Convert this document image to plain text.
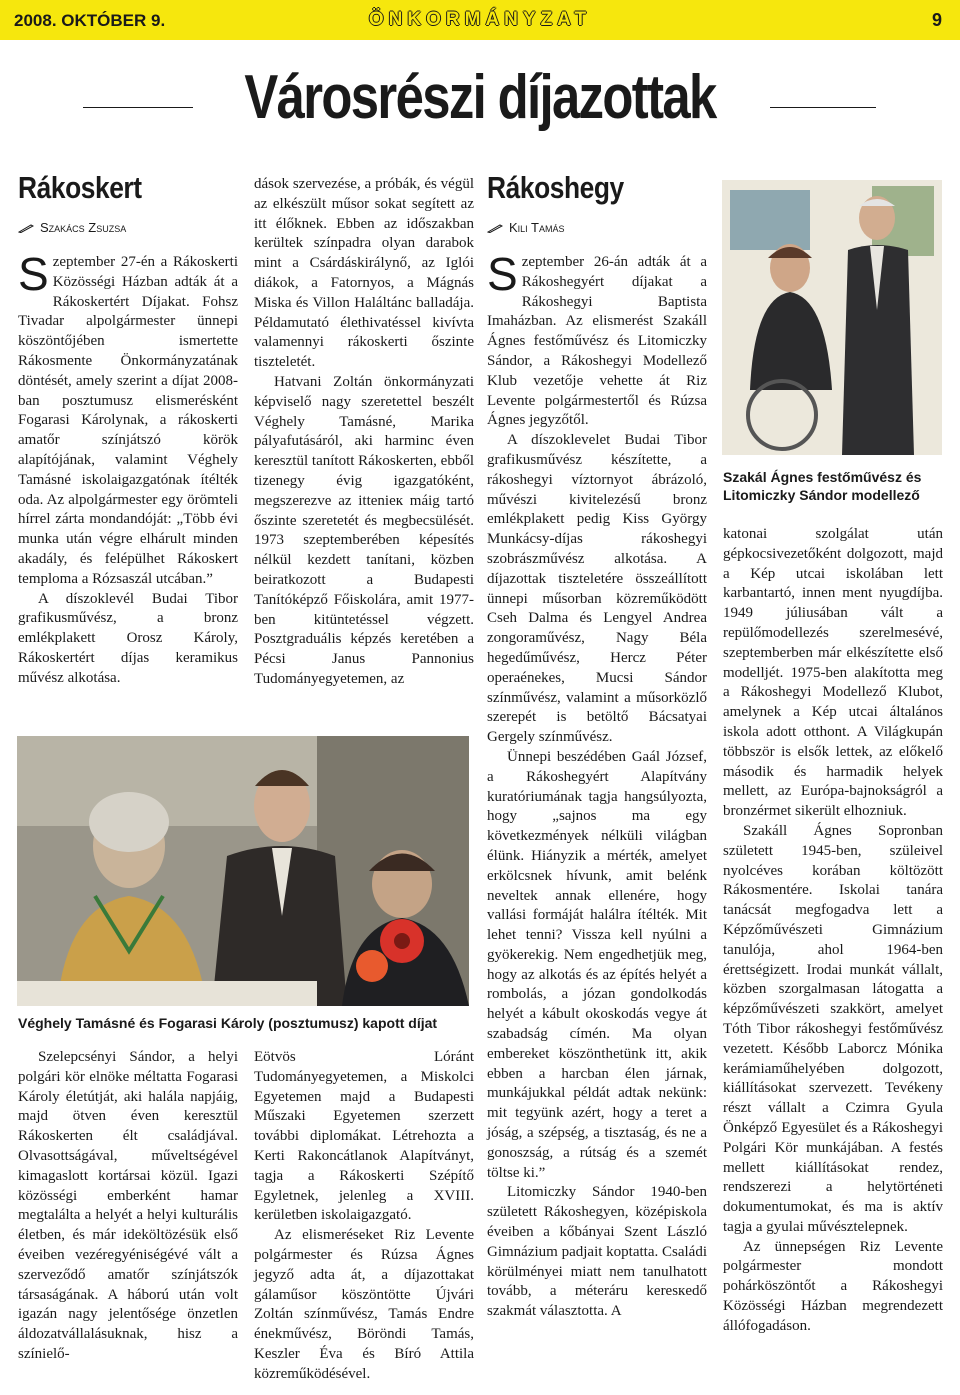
2008. OKTÓBER 9.	ÖNKORMÁNYZAT	9
Városrészi díjazottak
Rákoskert
Szakács Zsuzsa

Szeptember 27-én a Rákoskerti Közösségi Házban adták át a Rákoskertért Díjakat. Fohsz Tivadar alpolgármester ünnepi köszöntőjében ismertette Rákosmente Önkormányzatának döntését, amely szerint a díjat 2008-ban posztumusz elismerésként Fogarasi Károlynak, a rákoskerti amatőr színjátszó körök alapítójának, valamint Véghely Tamásné iskolaigazgatónak ítélték oda. Az alpolgármester egy örömteli hírrel zárta mondandóját: „Több évi munka után végre elhárult minden akadály, és felépülhet Rákoskert temploma a Rózsaszál utcában.”

A díszoklevél Budai Tibor grafikusművész, a bronz emlékplakett Orosz Károly, Rákoskertért díjas keramikus művész alkotása.

dások szervezése, a próbák, és végül az elkészült műsor sokat segített az itt élőknek. Ebben az időszakban kerültek színpadra olyan darabok mint a Csárdáskirálynő, az Iglói diákok, a Fatornyos, a Mágnás Miska és Villon Haláltánc balladája. Példamutató élethivatéssel kivívta valamennyi rákoskerti őszinte tiszteletét.

Hatvani Zoltán önkormányzati képviselő nagy szeretettel beszélt Véghely Tamásné, Marika pályafutásáról, aki harminc éven keresztül tanított Rákoskerten, ebből tizenegy évig igazgatóként, megszerezve az ittenieк máig tartó őszinte szeretetét és megbecsülését. 1973 szeptemberében képesítés nélkül kezdett tanítani, közben beiratkozott a Budapesti Tanítóképző Főiskolára, amit 1977-ben kitüntetéssel végzett. Posztgraduális képzés keretében a Pécsi Janus Pannonius Tudományegyetemen, az

Véghely Tamásné és Fogarasi Károly (posztumusz) kapott díjat

Szelepcsényi Sándor, a helyi polgári kör elnöke méltatta Fogarasi Károly életútját, aki halála napjáig, majd ötven éven keresztül Rákoskerten élt családjával. Olvasottságával, műveltségével kimagaslott kortársai közül. Igazi közösségi emberként hamar megtalálta a helyét a helyi kulturális életben, és már ideköltözésük első éveiben vezéregyéniségévé vált a szerveződő amatőr színjátszók társaságának. A háború után volt igazán nagy jelentősége önzetlen áldozatvállalásuknak, hisz a színielő-

Eötvös Lóránt Tudományegyetemen, a Miskolci Egyetemen majd a Budapesti Műszaki Egyetemen szerzett további diplomákat. Létrehozta a Kerti Rakoncátlanok Alapítványt, tagja a Rákoskerti Szépítő Egyletnek, jelenleg a XVIII. kerületben iskolaigazgató.

Az elismeréseket Riz Levente polgármester és Rúzsa Ágnes jegyző adta át, a díjazottakat gálaműsor köszöntötte Újvári Zoltán színművész, Tamás Endre énekművész, Böröndi Tamás, Keszler Éva és Bíró Attila közreműködésével.

Rákoshegy
Kili Tamás

Szeptember 26-án adták át a Rákoshegyért díjakat a Rákoshegyi Baptista Imaházban. Az elismerést Szakáll Ágnes festőművész és Litomiczky Sándor, a Rákoshegyi Modellező Klub vezetője vehette át Riz Levente polgármestertől és Rúzsa Ágnes jegyzőtől.

A díszoklevelet Budai Tibor grafikusművész készítette, a rákoshegyi víztornyot ábrázoló, művészi kivitelezésű bronz emlékplakett pedig Kiss György Munkácsy-díjas rákoshegyi szobrászművész alkotása. A díjazottak tiszteletére összeállított ünnepi műsorban közreműködött Cseh Dalma és Lengyel Andrea zongoraművész, Nagy Béla hegedűművész, Hercz Péter operaénekes, Mucsi Sándor színművész, valamint a műsorközlő szerepét is betöltő Bácsatyai Gergely színművész.

Ünnepi beszédében Gaál József, a Rákoshegyért Alapítvány kuratóriumának tagja hangsúlyozta, hogy „sajnos ma egy követkеzmények nélküli világban élünk. Hiányzik a mérték, amelyet erkölcsnek hívunk, amit belénk neveltek annak ellenére, hogy vallási formáját halálra ítélték. Mit lehet tenni? Vissza kell nyúlni a gyökerekig. Nem engedhetjük meg, hogy az alkotás és az építés helyét a rombolás, a józan gondolkodás helyét a kábult okoskodás vegye át szabadság címén. Ma olyan embereket köszönthetünk itt, akik ebben a harcban élen járnak, munkájukkal példát adtak nekünk: mit tegyünk azért, hogy a teret a jóság, a szépség, a tisztaság, és ne a gonoszság, a rútság és a szemét töltse ki.”

Litomiczky Sándor 1940-ben született Rákoshegyen, középiskola éveiben a kőbányai Szent László Gimnázium padjait koptatta. Családi körülményei miatt nem tanulhatott tovább, a méteráru keresкedő szakmát választotta. A

Szakál Ágnes festőművész és Litomiczky Sándor modellező

katonai szolgálat után gépkocsivezetőként dolgozott, majd a Kép utcai iskolában lett karbantartó, innen ment nyugdíjba. 1949 júliusában vált a repülőmodellezés szerelmesévé, szeptemberben már elkészítette első modelljét. 1975-ben alakította meg a Rákoshegyi Modellező Klubot, amelynek a Kép utcai általános iskola adott otthont. A Világkupán többször is elsők lettek, az előkelő második és harmadik helyek mellett, az Európa-bajnokságról a bronzérmet sikerült elhozniuk.

Szakáll Ágnes Sopronban született 1945-ben, szüleivel nyolcéves korában költözött Rákosmentére. Iskolai tanára tanácsát megfogadva lett a Képzőművészeti Gimnázium tanulója, ahol 1964-ben érettségizett. Irodai munkát vállalt, közben szorgalmasan látogatta a képzőművészeti szakkört, amelyet Tóth Tibor rákoshegyi festőművész vezetett. Később Laborcz Mónika kerámiaműhelyében dolgozott, kiállításokat szervezett. Tevékeny részt vállalt a Czimra Gyula Önképző Egyesület és a Rákoshegyi Polgári Kör munkájában. A festés mellett kiállításokat rendez, rendszerezi a helytörténeti dokumentumokat, és ma is aktív tagja a gyulai művésztelepnek.

Az ünnepségen Riz Levente polgármester mondott pohárköszöntőt a Rákoshegyi Közösségi Házban megrendezett állófogadáson.
